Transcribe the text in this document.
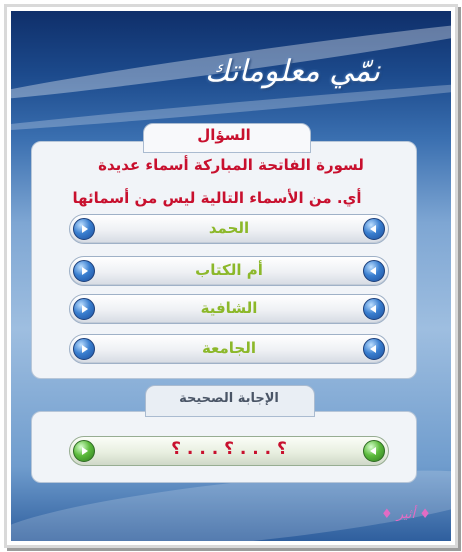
نمّي معلوماتك
السؤال
لسورة الفاتحة المباركة أسماء عديدة
أي. من الأسماء التالية ليس من أسمائها
الحمد
أم الكتاب
الشافية
الجامعة
الإجابة الصحيحة
؟ . . . ؟ . . . ؟
♦ أثير ♦
